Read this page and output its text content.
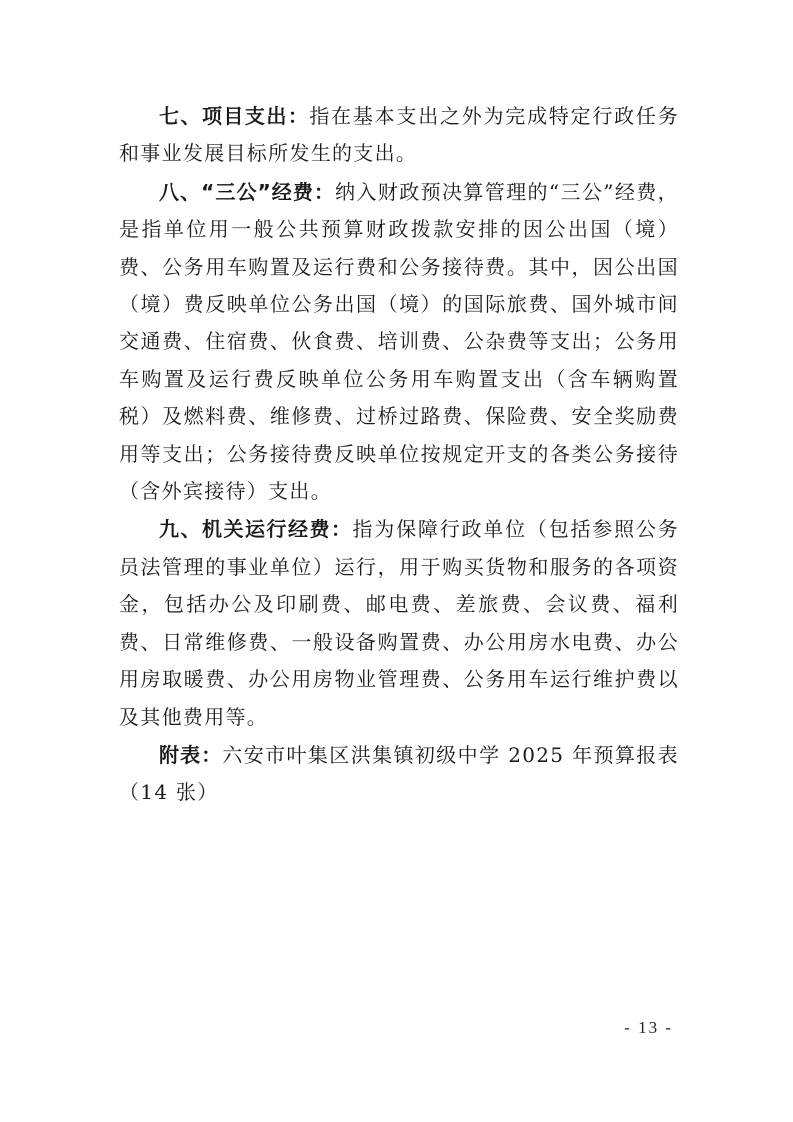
七、项目支出：指在基本支出之外为完成特定行政任务和事业发展目标所发生的支出。

八、“三公”经费：纳入财政预决算管理的“三公”经费，是指单位用一般公共预算财政拨款安排的因公出国（境）费、公务用车购置及运行费和公务接待费。其中，因公出国（境）费反映单位公务出国（境）的国际旅费、国外城市间交通费、住宿费、伙食费、培训费、公杂费等支出；公务用车购置及运行费反映单位公务用车购置支出（含车辆购置税）及燃料费、维修费、过桥过路费、保险费、安全奖励费用等支出；公务接待费反映单位按规定开支的各类公务接待（含外宾接待）支出。

九、机关运行经费：指为保障行政单位（包括参照公务员法管理的事业单位）运行，用于购买货物和服务的各项资金，包括办公及印刷费、邮电费、差旅费、会议费、福利费、日常维修费、一般设备购置费、办公用房水电费、办公用房取暖费、办公用房物业管理费、公务用车运行维护费以及其他费用等。

附表：六安市叶集区洪集镇初级中学 2025 年预算报表（14 张）

- 13 -
